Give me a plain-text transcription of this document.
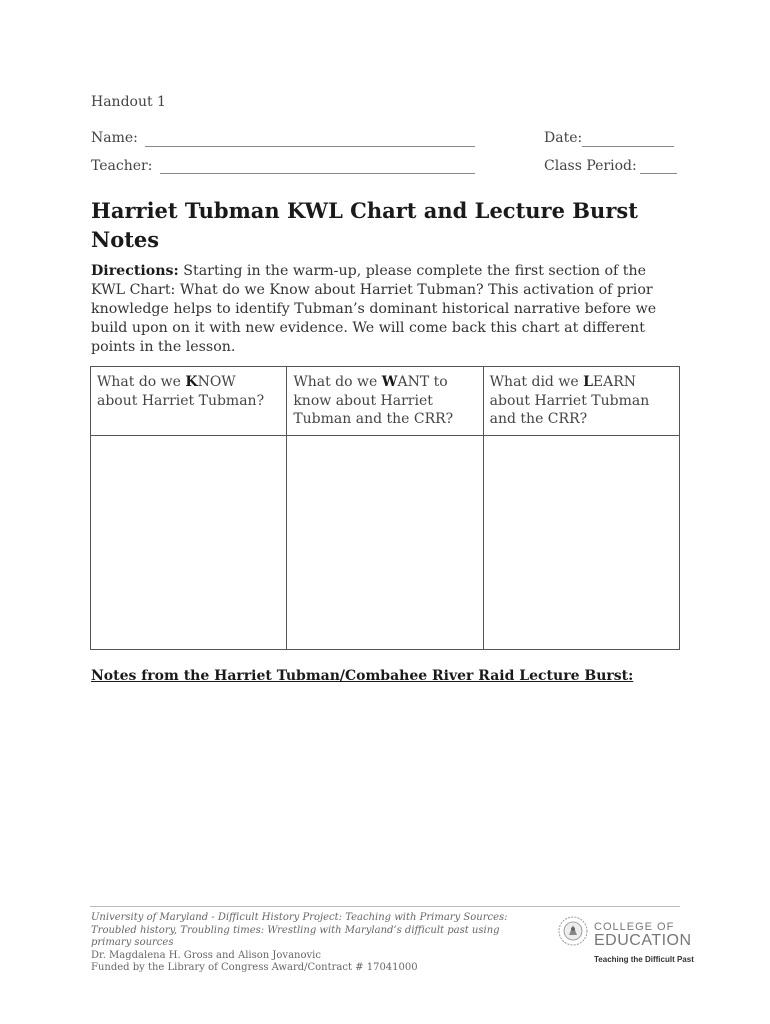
Handout 1
Name:	Date:
Teacher:	Class Period:
Harriet Tubman KWL Chart and Lecture Burst Notes

Directions: Starting in the warm-up, please complete the first section of the KWL Chart: What do we Know about Harriet Tubman? This activation of prior knowledge helps to identify Tubman’s dominant historical narrative before we build upon on it with new evidence. We will come back this chart at different points in the lesson.

What do we KNOW about Harriet Tubman?	What do we WANT to know about Harriet Tubman and the CRR?	What did we LEARN about Harriet Tubman and the CRR?

Notes from the Harriet Tubman/Combahee River Raid Lecture Burst:

University of Maryland - Difficult History Project: Teaching with Primary Sources: Troubled history, Troubling times: Wrestling with Maryland’s difficult past using primary sources
Dr. Magdalena H. Gross and Alison Jovanovic
Funded by the Library of Congress Award/Contract # 17041000
COLLEGE OF
EDUCATION
Teaching the Difficult Past
